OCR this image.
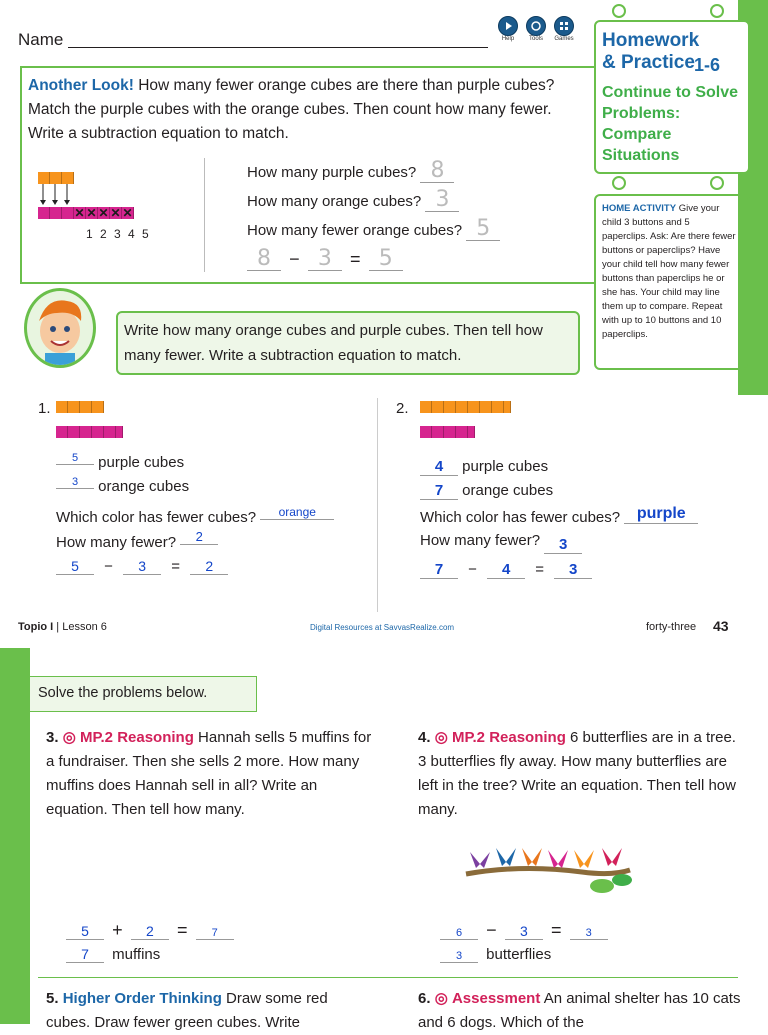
Name	Help Tools Games Homework
& Practice 1-6
Continue to Solve Problems: Compare Situations
HOME ACTIVITY Give your child 3 buttons and 5 paperclips. Ask: Are there fewer buttons or paperclips? Have your child tell how many fewer buttons than paperclips he or she has. Your child may line them up to compare. Repeat with up to 10 buttons and 10 paperclips.
Another Look! How many fewer orange cubes are there than purple cubes? Match the purple cubes with the orange cubes. Then count how many fewer. Write a subtraction equation to match.
✕ ✕ ✕ ✕ ✕
1 2 3 4 5
How many purple cubes? 8
How many orange cubes? 3
How many fewer orange cubes? 5
8 − 3 = 5
Write how many orange cubes and purple cubes. Then tell how many fewer. Write a subtraction equation to match.
1.
5 purple cubes
3 orange cubes
Which color has fewer cubes? orange
How many fewer? 2
5 − 3 = 2
2.
4 purple cubes
7 orange cubes
Which color has fewer cubes? purple
How many fewer? 3
7 − 4 = 3
Topio I | Lesson 6	Digital Resources at SavvasRealize.com	forty-three 43
Solve the problems below.
3. ◎ MP.2 Reasoning Hannah sells 5 muffins for a fundraiser. Then she sells 2 more. How many muffins does Hannah sell in all? Write an equation. Then tell how many.
5 + 2 = 7
7 muffins
4. ◎ MP.2 Reasoning 6 butterflies are in a tree. 3 butterflies fly away. How many butterflies are left in the tree? Write an equation. Then tell how many.
6 − 3 = 3
3 butterflies
5. Higher Order Thinking Draw some red cubes. Draw fewer green cubes. Write
6. ◎ Assessment An animal shelter has 10 cats and 6 dogs. Which of the
